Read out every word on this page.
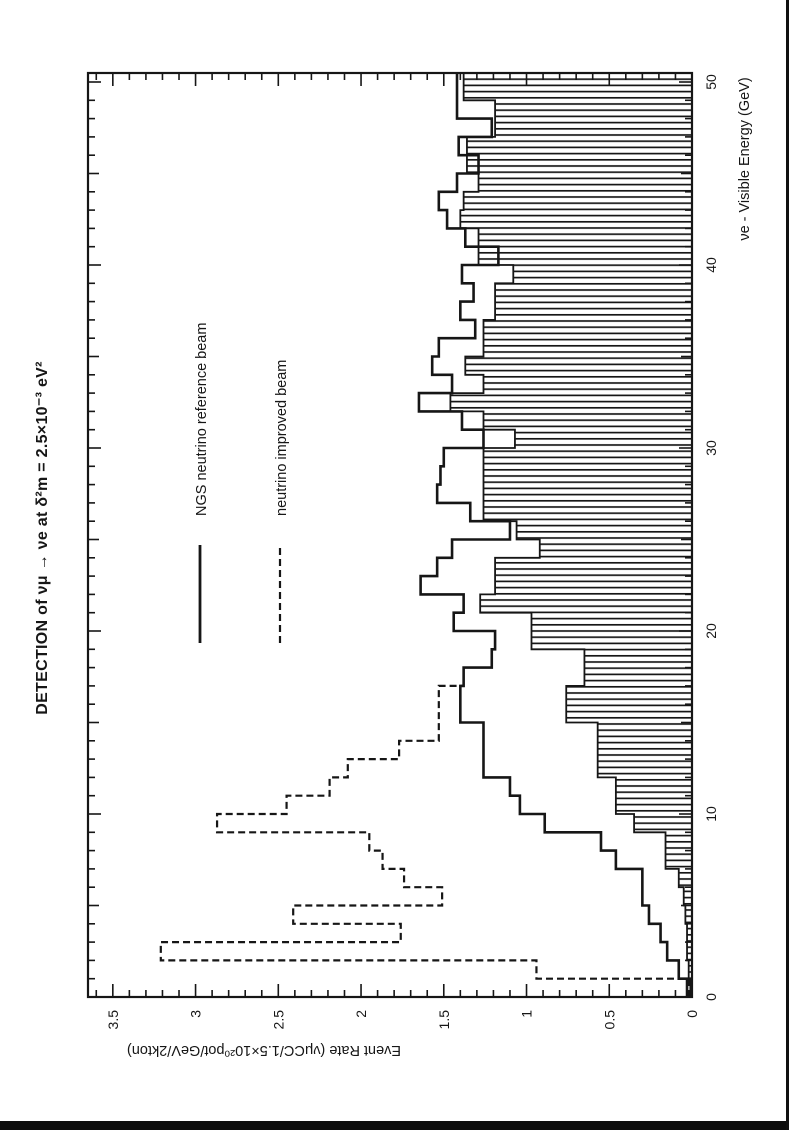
0
10
20
30
40
50
0
0.5
1
1.5
2
2.5
3
3.5
DETECTION of νμ → νe at δ²m = 2.5×10⁻³ eV²
νe - Visible Energy (GeV)
Event Rate (νμCC/1.5×10²⁰pot/GeV/2kton)
NGS neutrino reference beam	neutrino improved beam
